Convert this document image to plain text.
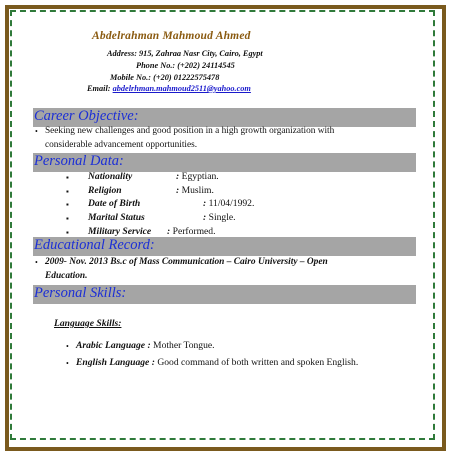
Abdelrahman Mahmoud Ahmed
Address: 915, Zahraa Nasr City, Cairo, Egypt
Phone No.: (+202) 24114545
Mobile No.: (+20) 01222575478
Email: abdelrhman.mahmoud2511@yahoo.com
Career Objective:
• Seeking new challenges and good position in a high growth organization with
considerable advancement opportunities.
Personal Data:
▪ Nationality	: Egyptian.
▪ Religion	: Muslim.
▪ Date of Birth	: 11/04/1992.
▪ Marital Status	: Single.
▪ Military Service : Performed.
Educational Record:
• 2009- Nov. 2013 Bs.c of Mass Communication – Cairo University – Open
Education.
Personal Skills:
Language Skills:
• Arabic Language : Mother Tongue.
• English Language : Good command of both written and spoken English.
